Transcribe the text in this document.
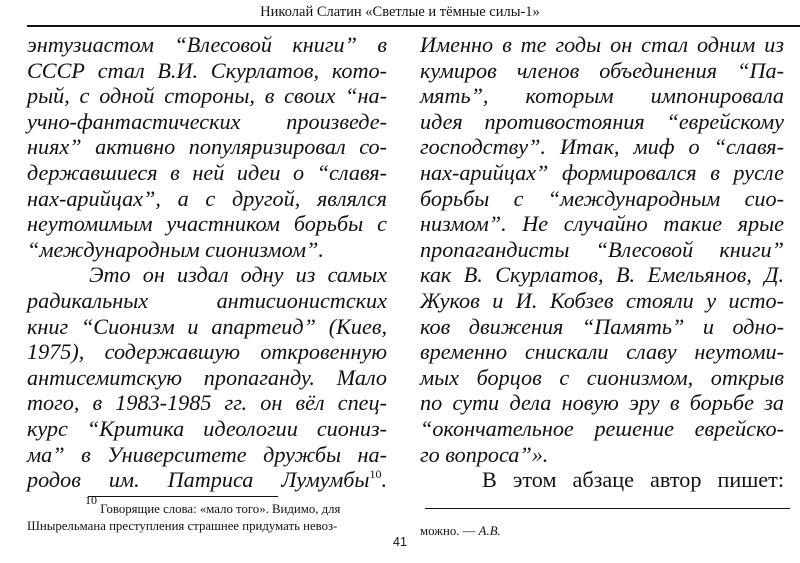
Николай Слатин «Светлые и тёмные силы-1»
энтузиастом “Влесовой книги” в
СССР стал В.И. Скурлатов, кото-
рый, с одной стороны, в своих “на-
учно-фантастических произведе-
ниях” активно популяризировал со-
державшиеся в ней идеи о “славя-
нах-арийцах”, а с другой, являлся
неутомимым участником борьбы с
“международным сионизмом”.
Это он издал одну из самых
радикальных антисионистских
книг “Сионизм и апартеид” (Киев,
1975), содержавшую откровенную
антисемитскую пропаганду. Мало
того, в 1983-1985 гг. он вёл спец-
курс “Критика идеологии сиониз-
ма” в Университете дружбы на-
родов им. Патриса Лумумбы$^{10}$.
Именно в те годы он стал одним из
кумиров членов объединения “Па-
мять”, которым импонировала
идея противостояния “еврейскому
господству”. Итак, миф о “славя-
нах-арийцах” формировался в русле
борьбы с “международным сио-
низмом”. Не случайно такие ярые
пропагандисты “Влесовой книги”
как В. Скурлатов, В. Емельянов, Д.
Жуков и И. Кобзев стояли у исто-
ков движения “Память” и одно-
временно снискали славу неутоми-
мых борцов с сионизмом, открыв
по сути дела новую эру в борьбе за
“окончательное решение еврейско-
го вопроса”».
В этом абзаце автор пишет:
$^{10}$ Говорящие слова: «мало того». Видимо, для
Шнырельмана преступления страшнее придумать невоз-	можно. — А.В.
41
